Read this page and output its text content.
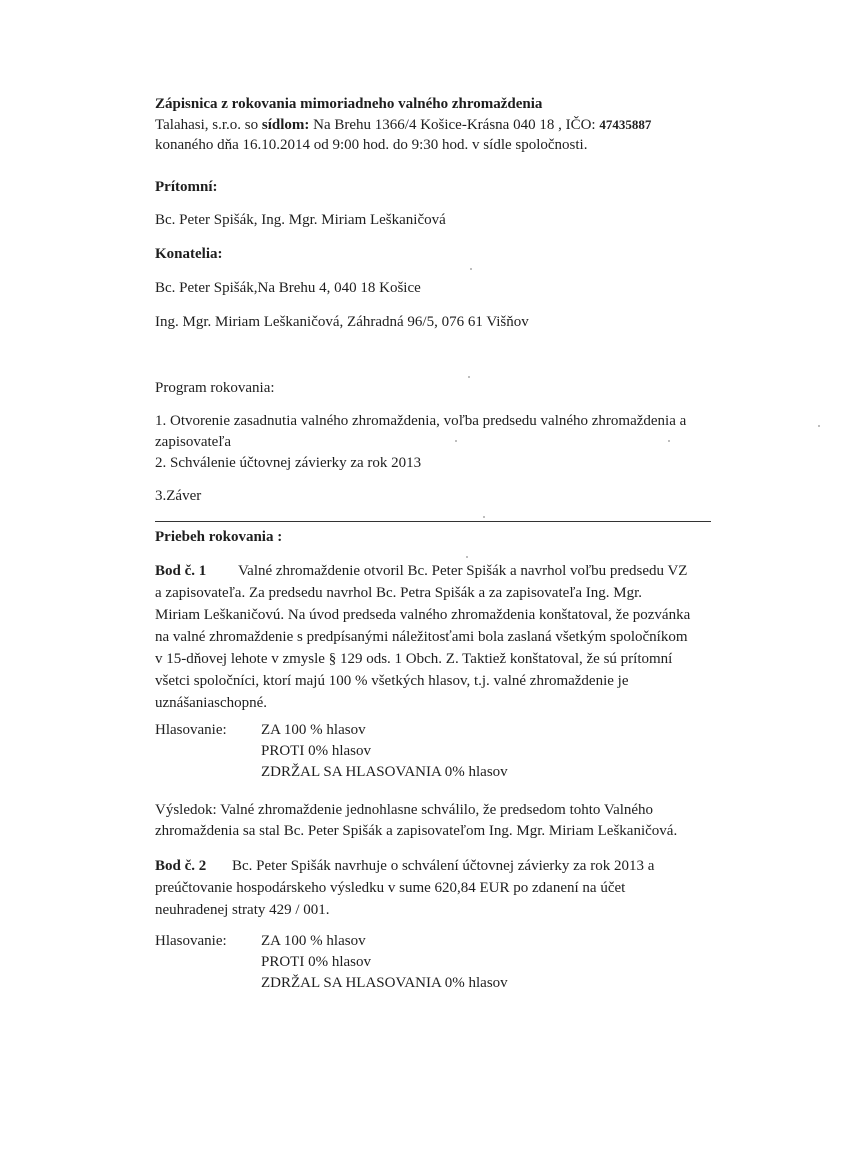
Zápisnica z rokovania mimoriadneho valného zhromaždenia
Talahasi, s.r.o. so sídlom: Na Brehu 1366/4 Košice-Krásna 040 18 , IČO: 47435887
konaného dňa 16.10.2014 od 9:00 hod. do 9:30 hod. v sídle spoločnosti.
Prítomní:
Bc. Peter Spišák, Ing. Mgr. Miriam Leškaničová
Konatelia:
Bc. Peter Spišák,Na Brehu 4, 040 18 Košice
Ing. Mgr. Miriam Leškaničová, Záhradná 96/5, 076 61 Višňov
Program rokovania:
1. Otvorenie zasadnutia valného zhromaždenia, voľba predsedu valného zhromaždenia a
zapisovateľa
2. Schválenie účtovnej závierky za rok 2013
3.Záver
Priebeh rokovania :
Bod č. 1 Valné zhromaždenie otvoril Bc. Peter Spišák a navrhol voľbu predsedu VZ
a zapisovateľa. Za predsedu navrhol Bc. Petra Spišák a za zapisovateľa Ing. Mgr.
Miriam Leškaničovú. Na úvod predseda valného zhromaždenia konštatoval, že pozvánka
na valné zhromaždenie s predpísanými náležitosťami bola zaslaná všetkým spoločníkom
v 15-dňovej lehote v zmysle § 129 ods. 1 Obch. Z. Taktiež konštatoval, že sú prítomní
všetci spoločníci, ktorí majú 100 % všetkých hlasov, t.j. valné zhromaždenie je
uznášaniaschopné.
Hlasovanie: ZA 100 % hlasov
PROTI 0% hlasov
ZDRŽAL SA HLASOVANIA 0% hlasov
Výsledok: Valné zhromaždenie jednohlasne schválilo, že predsedom tohto Valného
zhromaždenia sa stal Bc. Peter Spišák a zapisovateľom Ing. Mgr. Miriam Leškaničová.
Bod č. 2 Bc. Peter Spišák navrhuje o schválení účtovnej závierky za rok 2013 a
preúčtovanie hospodárskeho výsledku v sume 620,84 EUR po zdanení na účet
neuhradenej straty 429 / 001.
Hlasovanie: ZA 100 % hlasov
PROTI 0% hlasov
ZDRŽAL SA HLASOVANIA 0% hlasov
